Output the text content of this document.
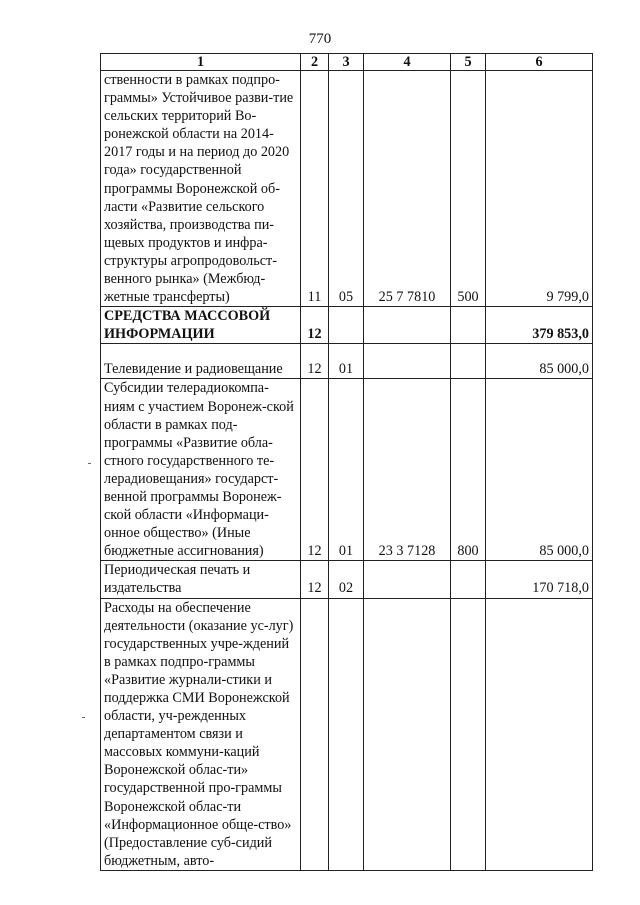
770
1	2	3	4	5	6
ственности в рамках подпро-граммы» Устойчивое разви-тие сельских территорий Во-ронежской области на 2014-2017 годы и на период до 2020 года» государственной программы Воронежской об-ласти «Развитие сельского хозяйства, производства пи-щевых продуктов и инфра-структуры агропродовольст-венного рынка» (Межбюд-жетные трансферты)	11	05	25 7 7810	500	9 799,0
СРЕДСТВА МАССОВОЙ ИНФОРМАЦИИ	12				379 853,0
Телевидение и радиовещание	12	01			85 000,0
Субсидии телерадиокомпа-ниям с участием Воронеж-ской области в рамках под-программы «Развитие обла-стного государственного те-лерадиовещания» государст-венной программы Воронеж-ской области «Информаци-онное общество» (Иные бюджетные ассигнования)	12	01	23 3 7128	800	85 000,0
Периодическая печать и издательства	12	02			170 718,0
Расходы на обеспечение деятельности (оказание ус-луг) государственных учре-ждений в рамках подпро-граммы «Развитие журнали-стики и поддержка СМИ Воронежской области, уч-режденных департаментом связи и массовых коммуни-каций Воронежской облас-ти» государственной про-граммы Воронежской облас-ти «Информационное обще-ство» (Предоставление суб-сидий бюджетным, авто-					
